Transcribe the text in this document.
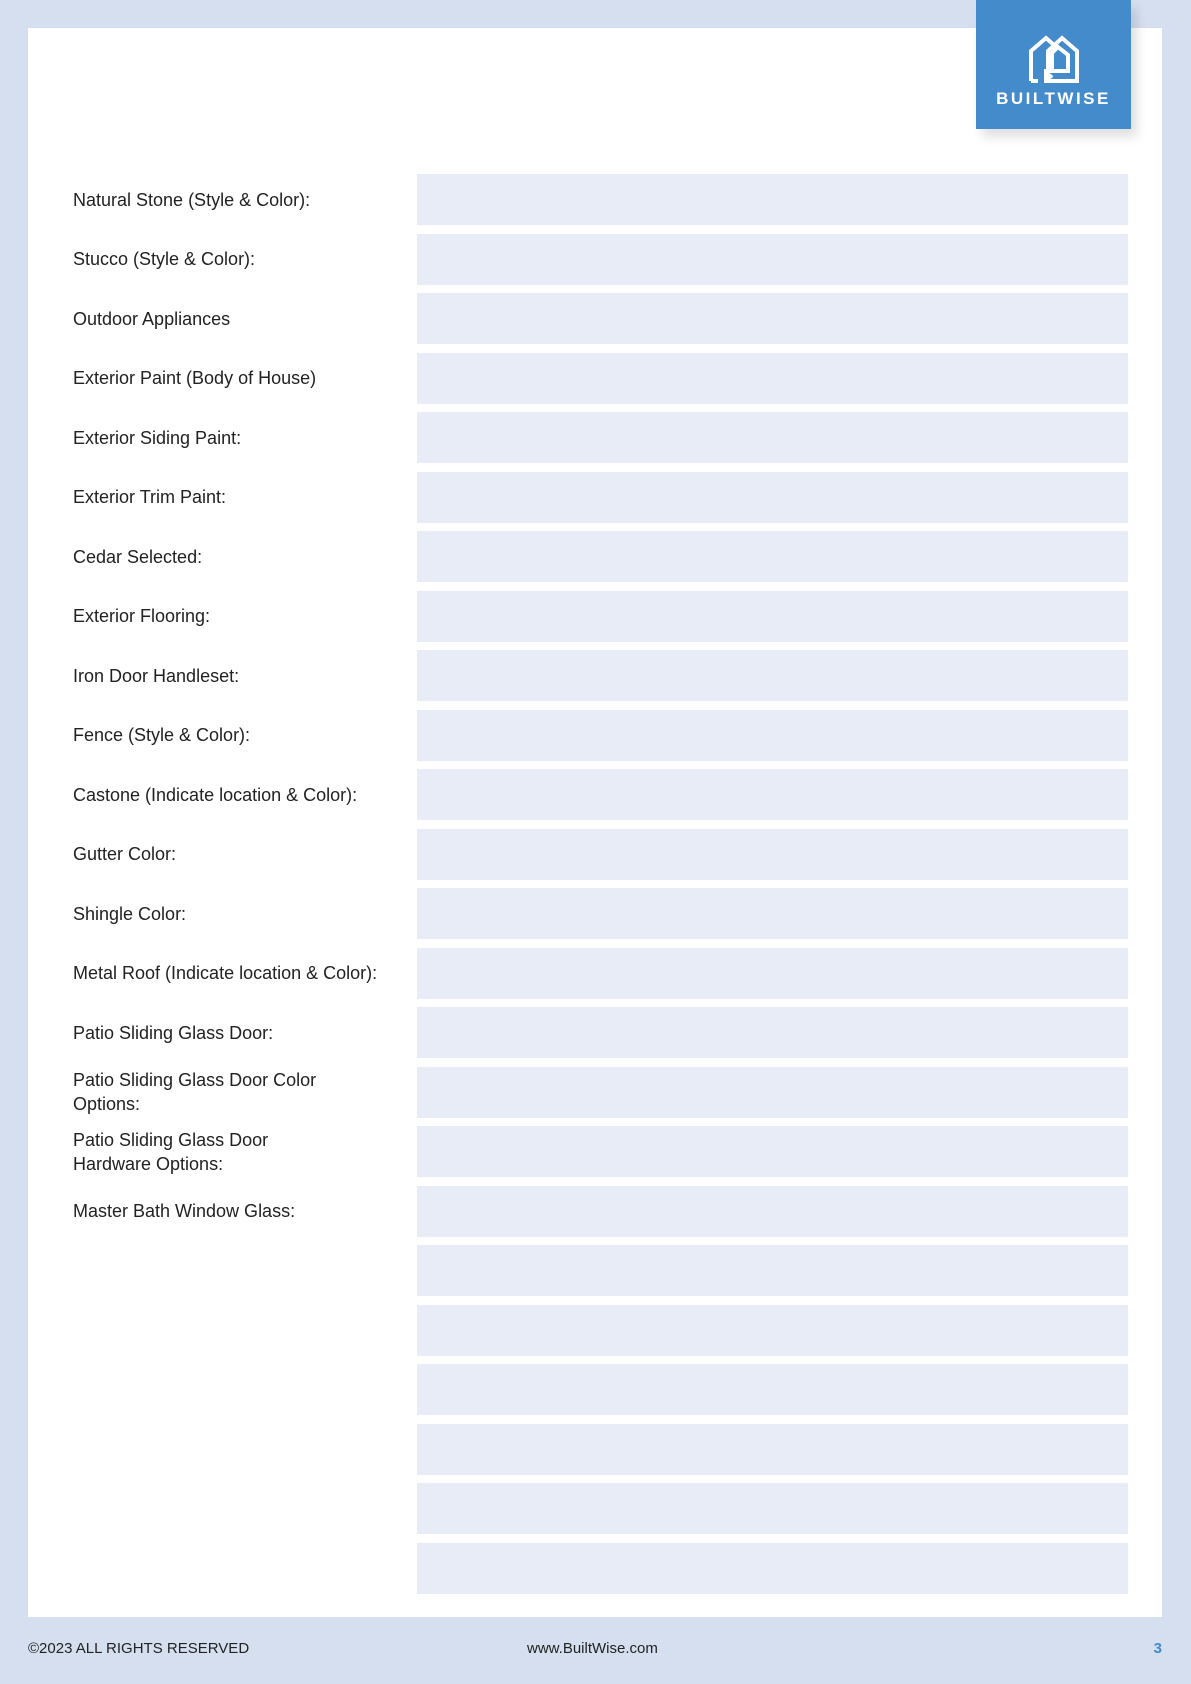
BUILTWISE
Natural Stone (Style & Color):
Stucco (Style & Color):
Outdoor Appliances
Exterior Paint (Body of House)
Exterior Siding Paint:
Exterior Trim Paint:
Cedar Selected:
Exterior Flooring:
Iron Door Handleset:
Fence (Style & Color):
Castone (Indicate location & Color):
Gutter Color:
Shingle Color:
Metal Roof (Indicate location & Color):
Patio Sliding Glass Door:
Patio Sliding Glass Door Color Options:
Patio Sliding Glass Door Hardware Options:
Master Bath Window Glass:
©2023 ALL RIGHTS RESERVED	www.BuiltWise.com	3
